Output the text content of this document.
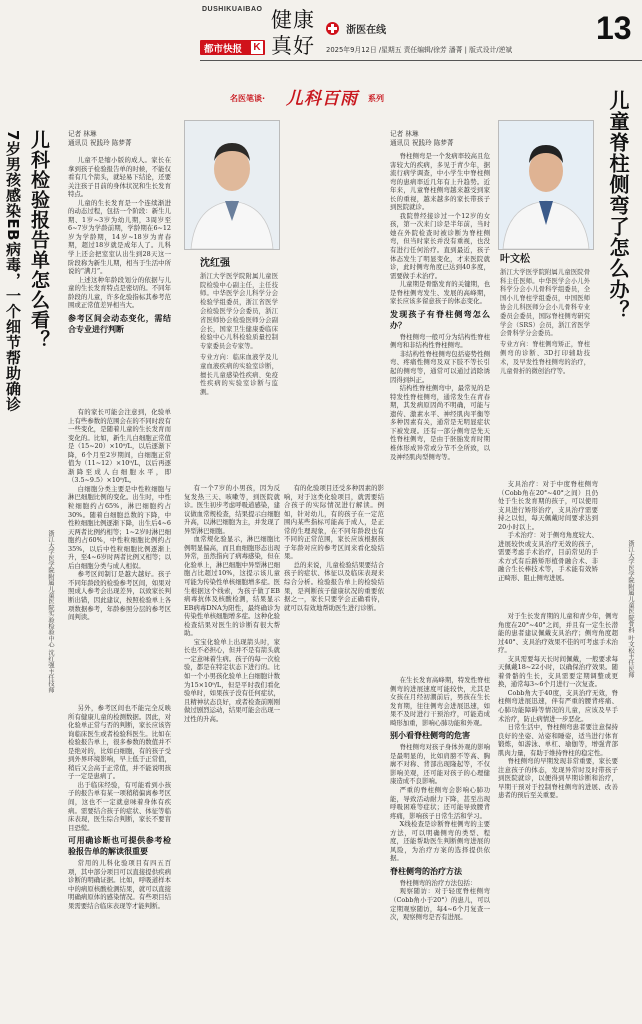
DUSHIKUAIBAO
都市快报 K
健康
真好
浙医在线
2025年9月12日 /星期五 责任编辑/徐芳 潘菁 | 版式设计/逆斌
13
名医笔谈· 儿科百雨 系列
儿科检验报告单怎么看？
7岁男孩感染EB病毒，一个细节帮助确诊
浙江大学医学院附属儿童医院实验检验中心 沈红强主任技师
记者 林琳
通讯员 祝践玲 陈梦菁

儿童不是缩小版的成人。家长在拿到孩子检验报告单的时候，不能仅看有几个箭头，就轻易下结论，还要关注孩子目前的身体状况和生长发育特点。

儿童的生长发育是一个连续渐进的动态过程，包括一个阶段：新生儿期、1岁~3岁为幼儿期，3周岁至6~7岁为学龄前期，学龄期在6~12岁为学龄期，14岁~18岁为青春期，超过18岁就是成年人了。儿科学上还会把室室认出生到28天这一阶段称为新生儿期，相当于生活中所说的“满月”。

上述这种年龄段划分的依据与儿童的生长发育特点是密切的。不同年龄段的儿童，许多化验指标其参考范围或正常值差异相当大。

参考区间会动态变化，需结合专业进行判断

有的家长可能会注意到，化验单上有些参数的范围会在的不同时段有一些变化，是随着儿童的生长发育而变化的。比如，新生儿白细胞正常值是（15~20）×10⁹/L，以后逐渐下降，6个月至2岁期间，白细胞正常值为（11~12）×10⁹/L，以后再逐渐降至成人白细胞水平，即（3.5~9.5）×10⁹/L。

白细胞分类主要是中性粒细胞与淋巴细胞比例的变化。出生时，中性粒细胞约占65%，淋巴细胞约占30%。随着白细胞总数的下降，中性粒细胞比例逐渐下降，出生后4~6天两者比例约相等；1~2岁时淋巴细胞约占60%，中性粒细胞比例约占35%，以后中性粒细胞比例逐渐上升，至4~6岁时两者比例又相等；以后白细胞分类与成人相似。

参考区间制订是越大越好。孩子不同年龄段的检验参考区间，如果对照成人参考会出现差异，以致家长判断出错，因此建议，按照检验单上各项数据参考，年龄参照分层的参考区间判读。

另外，参考区间也不能完全反映所有健康儿童的检测数据。因此，对化验单正常与否的判断，家长应该咨询临床医生或者检验科医生。比如在检验报告单上，很多参数的数值并不是绝对的，比如白细胞，有的孩子受到外界环境影响，早上低于正常值，稍后又会高于正常值，并不能说明孩子一定是患病了。

出于临床经验，有可能看到小孩子的报告单有某一项稍稍偏离参考区间，这也不一定就意味着身体有疾病。需要结合孩子的症状、体征等临床表现，医生综合判断，家长不要盲目恐慌。

可用确诊断也可提供参考检验报告单的解读很重要

常用的儿科化验项目有四五百项，其中部分项目可以直接提供疾病诊断的明确证据。比如，呼吸道样本中的病原核酸检测结果，就可以直接明确病原体的感染情况。有些项目结果需要结合临床表现等才能判断。

沈红强
浙江大学医学院附属儿童医院检验中心副主任，主任技师。中华医学会儿科学分会检验学组委员，浙江省医学会检验医学分会委员，浙江省医师协会检验医师分会副会长，国家卫生健康委临床检验中心儿科检验质量控制专家委员会专家等。
专业方向：临床血液学及儿童血液疾病的实验室诊断，擅长儿童感染性疾病、免疫性疾病的实验室诊断与监测。

有一个7岁的小男孩，因为反复发热三天、咳嗽等，到医院就诊。医生初步考虑呼吸道感染，建议做血常规检查，结果提示白细胞升高，以淋巴细胞为主，并发现了异型淋巴细胞。

血常规化验显示，淋巴细胞比例明显偏高，而且血细胞形态出现异常，虽然指向了病毒感染，但在化验单上，淋巴细胞中异型淋巴细胞占比超过10%，这提示该儿童可能为传染性单核细胞增多症。医生根据这个线索，为孩子做了EB病毒抗体及核酸检测，结果显示EB病毒DNA为阳性，最终确诊为传染性单核细胞增多症。这种化验检查结果对医生的诊断有很大帮助。

宝宝化验单上出现箭头时，家长也不必担心，但并不是有箭头就一定意味着生病。孩子的每一次检验，都是在特定状态下进行的。比如一个小男孩化验单上白细胞计数为15×10⁹/L，但是平时我们看化验单时，如果孩子没有任何症状，且精神状态良好，或者检查前刚刚做过剧烈运动，结果可能会出现一过性的升高。

有的化验项目还受多种因素的影响，对于这类化验项目，就需要结合孩子的实际情况进行解读。例如，针对幼儿，有的孩子在一定范围内某些指标可能高于成人，是正常的生理现象，在不同年龄段也有不同的正常范围，家长应该根据孩子年龄对应的参考区间来看化验结果。

总的来说，儿童检验结果要结合孩子的症状、体征以及临床表现来综合分析。检验报告单上的检验结果，是判断孩子健康状况的重要依据之一，家长只要学会正确看待，就可以有效地帮助医生进行诊断。

记者 林琳
通讯员 祝践玲 陈梦菁

脊柱侧弯是一个发病率较高且危害较大的疾病，多见于青少年，据流行病学调查，中小学生中脊柱侧弯的患病率近几年有上升趋势。近年来，儿童脊柱侧弯越来越受到家长的重视，越来越多的家长带孩子到医院就诊。

我院曾经接诊过一个12岁的女孩，第一次来门诊是半年前，当时她在外院检查时被诊断为脊柱侧弯，但当时家长并没有重视，也没有进行任何治疗。直到最近，孩子体态发生了明显变化，才来医院就诊，此时侧弯角度已达到40多度，需要做手术治疗。

儿童期是骨骼发育的关键期，也是脊柱侧弯发生、发展的高峰期，家长应该多留意孩子的体态变化。

发现孩子有脊柱侧弯怎么办？

脊柱侧弯一般可分为结构性脊柱侧弯和非结构性脊柱侧弯。

非结构性脊柱侧弯包括姿势性侧弯、疼痛性侧弯及双下肢不等长引起的侧弯等，通常可以通过消除诱因得到纠正。

结构性脊柱侧弯中，最常见的是特发性脊柱侧弯，通常发生在青春期，其发病原因尚不明确，可能与遗传、激素水平、神经肌肉平衡等多种因素有关，通常是无明显症状下被发现。还有一部分侧弯是先天性脊柱侧弯，是由于胚胎发育时期椎体形成异常或分节不全所致，以及神经肌肉型侧弯等。

在生长发育高峰期，特发性脊柱侧弯的进展速度可能较快，尤其是女孩在月经初潮前后，男孩在生长发育期，往往侧弯会进展迅速，如果不及时进行干预治疗，可能造成畸形加重，影响心肺功能和外观。

别小看脊柱侧弯的危害

脊柱侧弯对孩子身体外观的影响是最明显的，比如肩膀不等高、胸廓不对称、背部出现隆起等，不仅影响美观，还可能对孩子的心理健康造成不良影响。

严重的脊柱侧弯会影响心肺功能，导致活动耐力下降，甚至出现呼吸困难等症状；还可能导致腰背疼痛，影响孩子日常生活和学习。

X线检查是诊断脊柱侧弯的主要方法，可以明确侧弯的类型、程度，还能帮助医生判断侧弯进展的风险，为治疗方案的选择提供依据。

脊柱侧弯的治疗方法

脊柱侧弯的治疗方法包括：

观察随访：对于轻度脊柱侧弯（Cobb角小于20°）的患儿，可以定期观察随访，每4~6个月复查一次，观察侧弯是否有进展。

叶文松
浙江大学医学院附属儿童医院骨科主任医师。中华医学会小儿外科学分会小儿骨科学组委员，全国小儿脊柱学组委员，中国医师协会儿科医师分会小儿骨科专业委员会委员，国际脊柱侧弯研究学会（SRS）会员，浙江省医学会骨科学分会委员。
专业方向：脊柱侧弯矫正，脊柱侧弯的诊断、3D打印辅助技术，及早发性脊柱侧弯的治疗，儿童骨折的微创治疗等。
儿童脊柱侧弯了怎么办？
浙江大学医学院附属儿童医院骨科 叶文松主任医师

支具治疗：对于中度脊柱侧弯（Cobb角在20°~40°之间）且仍处于生长发育期的孩子，可以使用支具进行矫形治疗，支具治疗需要持之以恒，每天佩戴时间要求达到20小时以上。

手术治疗：对于侧弯角度较大、进展较快或支具治疗无效的孩子，需要考虑手术治疗，目前常见的手术方式有后路矫形植骨融合术、非融合生长棒技术等，手术能有效矫正畸形、阻止侧弯进展。

对于生长发育期的儿童和青少年，侧弯角度在20°~40°之间，并且有一定生长潜能的患者建议佩戴支具治疗；侧弯角度超过40°、支具治疗效果不佳的可考虑手术治疗。

支具需要每天长时间佩戴，一般要求每天佩戴18~22小时，以确保治疗效果。随着骨骼的生长，支具需要定期调整或更换，通常每3~6个月进行一次复查。

Cobb角大于40度，支具治疗无效，脊柱侧弯进展迅速，伴有严重的腰背疼痛、心肺功能障碍等情况的儿童，应该及早手术治疗，防止病情进一步恶化。

日常生活中，脊柱侧弯患者要注意保持良好的坐姿、站姿和睡姿，适当进行体育锻炼，如游泳、单杠、瑜伽等，增强背部肌肉力量，有助于维持脊柱的稳定性。

脊柱侧弯的早期发现非常重要，家长要注意孩子的体态，发现异常时及时带孩子到医院就诊，以便得到早期诊断和治疗，早期干预对于控制脊柱侧弯的进展、改善患者的预后至关重要。
